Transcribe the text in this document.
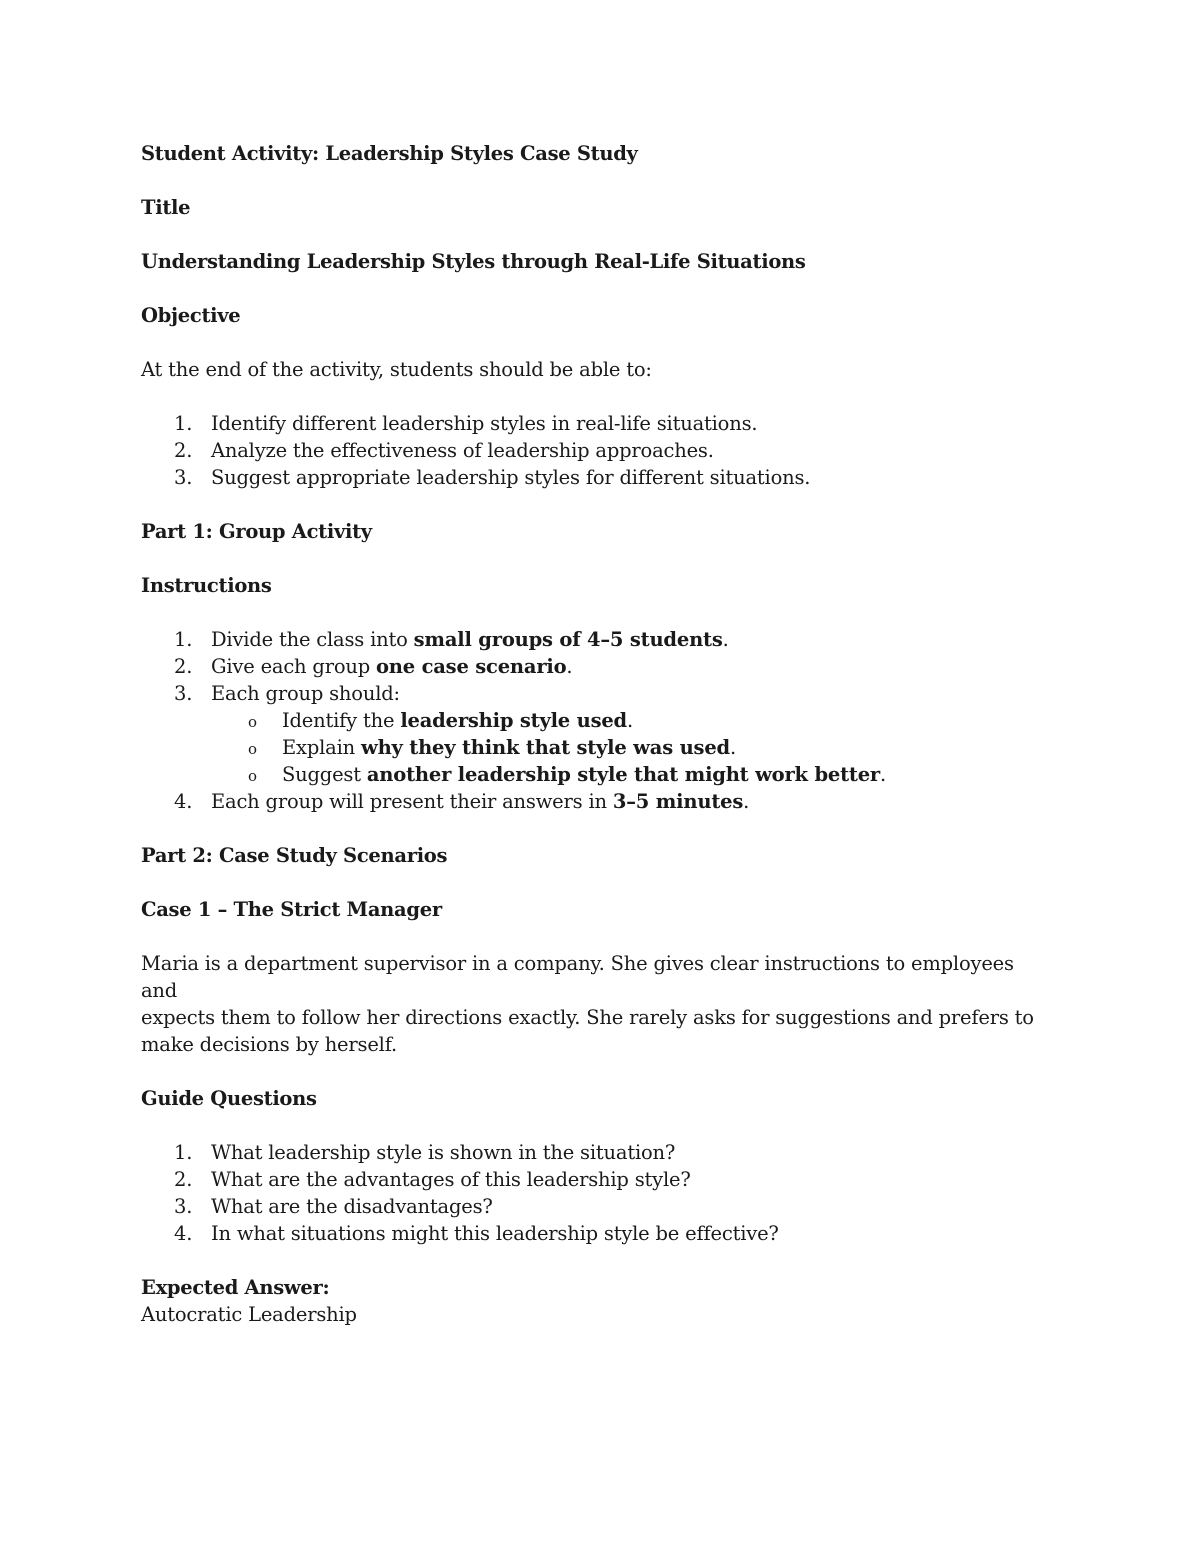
Student Activity: Leadership Styles Case Study

Title

Understanding Leadership Styles through Real-Life Situations

Objective

At the end of the activity, students should be able to:

1. Identify different leadership styles in real-life situations.
2. Analyze the effectiveness of leadership approaches.
3. Suggest appropriate leadership styles for different situations.

Part 1: Group Activity

Instructions

1. Divide the class into small groups of 4–5 students.
2. Give each group one case scenario.
3. Each group should:
o Identify the leadership style used.
o Explain why they think that style was used.
o Suggest another leadership style that might work better.
4. Each group will present their answers in 3–5 minutes.

Part 2: Case Study Scenarios

Case 1 – The Strict Manager

Maria is a department supervisor in a company. She gives clear instructions to employees and

expects them to follow her directions exactly. She rarely asks for suggestions and prefers to

make decisions by herself.

Guide Questions

1. What leadership style is shown in the situation?
2. What are the advantages of this leadership style?
3. What are the disadvantages?
4. In what situations might this leadership style be effective?

Expected Answer:

Autocratic Leadership
